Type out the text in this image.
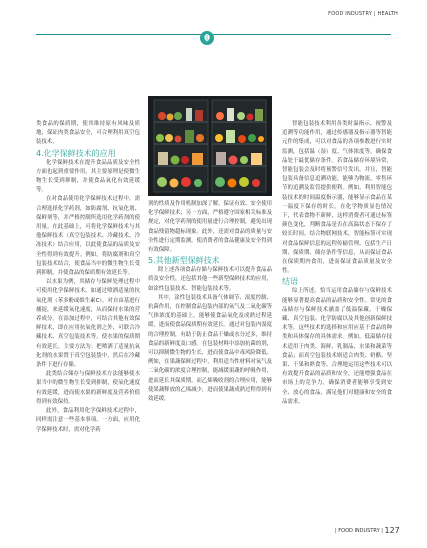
FOOD INDUSTRY | HEALTH

类食品的保质期，使其维持原有风味及质地，保证肉类食品安全，可合理利用真空包装技术。

4.化学保鲜技术的应用

化学保鲜技术在提升食品品质及安全性方面也起到重要作用，其主要原理是使微生物生长受到抑制，并使食品氧化有效延缓等。

在对食品使用化学保鲜技术过程中，需合理选择化学药剂，如防腐剂、抗氧化剂、保鲜剂等，并严格控制所选用化学药剂的使用量。在此基础上，可将化学保鲜技术与其他保鲜技术（真空包装技术、冷藏技术、冷冻技术）结合应用，以此使食品的品质及安全性得到有效提升。例如，将防腐剂和真空包装技术结合，使食品当中的微生物生长受到抑制，并使食品的保质期有效延长等。

以水果为例，其储存与保鲜处理过程中可使用化学保鲜技术，如通过喷洒适量的抗氧化剂（苯多酚或维生素C），对自由基进行捕捉，来延缓氧化速度，从而保持水果的营养成分。在添加过程中，可结合其他有效保鲜技术，即在应用抗氧化剂之外，可联合冷藏技术、真空包装技术等，使水果的保质期有效延长。主要方法为：把喷洒了适量抗氧化剂的水果置于真空包装袋中，然后在冷藏条件下进行存储。

此类结合储存与保鲜技术方法能够使水果当中的微生物生长受到抑制，使氧化速度有效延缓，进而使水果的新鲜度及营养价值得到有效保持。

此外，食品利用化学保鲜技术过程中，同样需注意一些基本事项。一方面，应用化学保鲜技术时，需对化学药

剂的性质及作用机制加深了解，保证有效、安全使用化学保鲜技术；另一方面，严格遵守国家相关标准及规定，对化学药剂的使用量进行合理控制，避免出现食品残留物超标现象。此外，还需对食品的质量与安全性进行定期监测，使消费者的食品健康及安全得到有效保障。

5.其他新型保鲜技术

除上述各项食品存储与保鲜技术可以提升食品品质及安全性，还包括其他一些新型保鲜技术的应用，如涂性包装技术、智能包装技术等。

其中，涂性包装技术具备气体调节、湿度控制、抗菌作用，在控制食品包装内部的氧气及二氧化碳等气体浓度的基础上，能够使食品氧化及成熟过程延缓，进而使食品保质期有效延长。通过对包装内湿度的合理控制，有助于防止食品干燥或水分过多，维持食品的新鲜度及口感。在包装材料中添加抗菌的剂，可以抑制微生物的生长，进而使食品中毒风险降低。例如，在果蔬保鲜过程中，利用适当性材料对氧气及二氧化碳的浓度合理控制，能减缓果蔬的呼吸作用，进而延长其保质期。而乙烯吸收剂的合理应用，能够使果蔬释放的乙烯减少，进而使果蔬成熟过程得到有效延缓。

智能包装技术利用各类时温指示、视警及追溯等功能作用，通过传感器及指示器等智能元件的集成，可以对食品的各项参数进行实时监测，包括温（湿）度、气体浓度等，确保食品处于最优储存条件。若食品储存环境异常，智能包装会及时将预警信号发出，并且，智能包装具备信息追溯功能，能够为物流、零售环节的追溯及监管提供便利。例如，利用智能包装技术的时间温度指示器，能够显示食品在某一温度下保存的时长，在化学物质显色情况下，代表食物不新鲜，这样消费者可通过标签颜色变化，判断食品是否在高温状态下保存了较长时间。结合物联网技术，智能标签可实现对食品保鲜信息的远程传输管理，包括生产日期、保质期、储存条件等信息，从而保证食品在保质期内食用，进而保证食品质量及安全性。

结语

综上所述，恰当运用食品储存与保鲜技术能够显著提高食品的品质和安全性。常见的食品储存与保鲜技术涵盖了低温保藏、干燥保藏、真空包装、化学防腐以及其他创新保鲜技术等。这些技术的选择和应用应基于食品的种类和具体保存的具体需求。例如，低温储存技术适用于肉类、海鲜、乳制品、水果和蔬菜等食品；而真空包装技术则适合肉类、奶酪、坚果、干果和熟食等。合理地运用这些技术可以有效提升食品的品质和安全，还能增强食品在市场上的竞争力，确保消费者能够享受到安全、放心的食品，满足他们对健康和安全的食品需求。

| FOOD INDUSTRY | 127
